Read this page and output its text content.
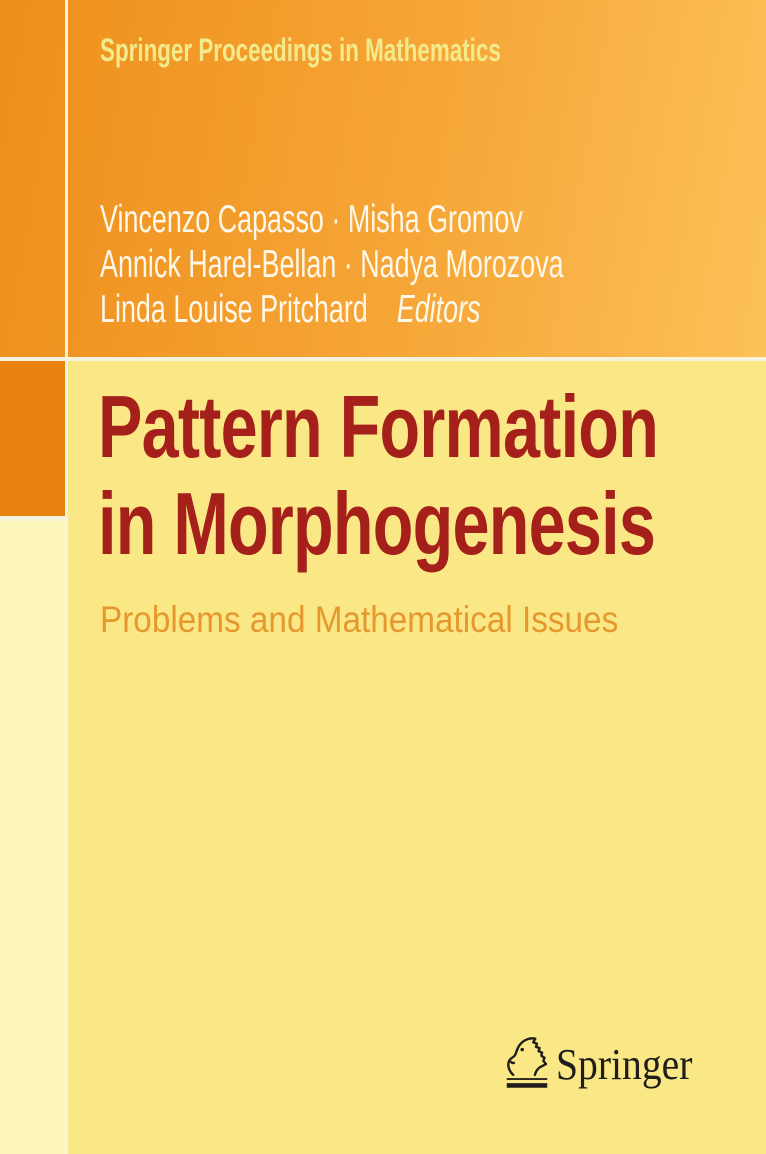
Springer Proceedings in Mathematics
Vincenzo Capasso · Misha Gromov
Annick Harel-Bellan · Nadya Morozova
Linda Louise Pritchard Editors
Pattern Formation
in Morphogenesis
Problems and Mathematical Issues
Springer
